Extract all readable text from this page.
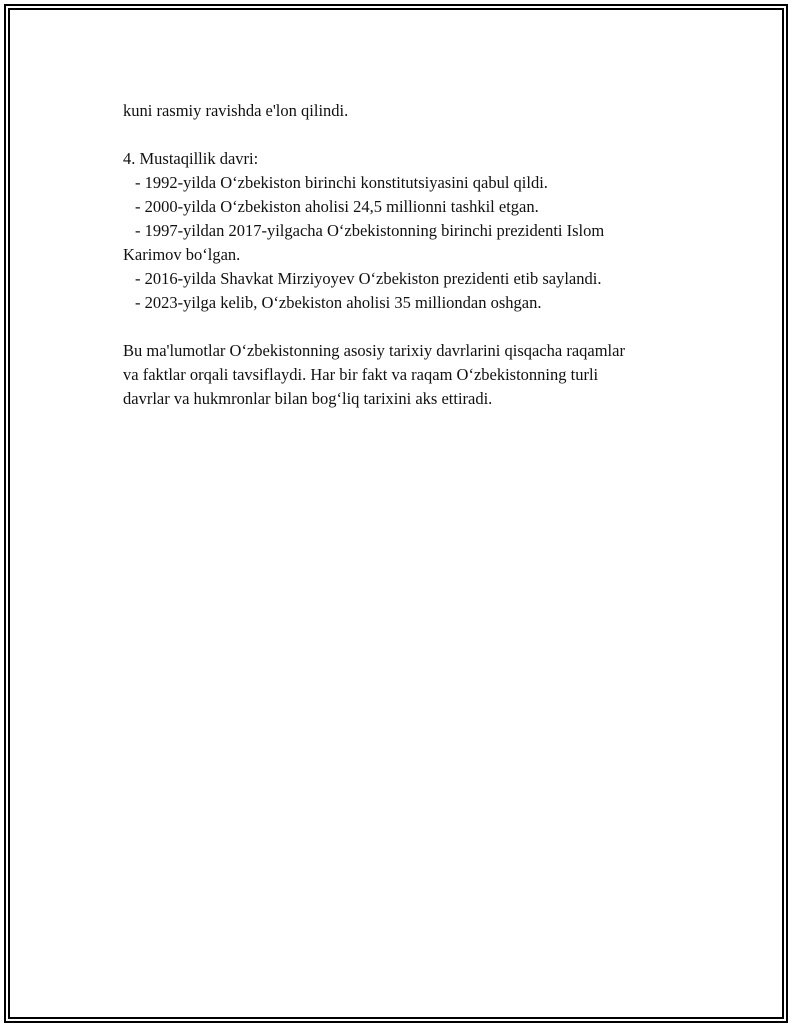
kuni rasmiy ravishda e'lon qilindi.

4. Mustaqillik davri:

- 1992-yilda O‘zbekiston birinchi konstitutsiyasini qabul qildi.

- 2000-yilda O‘zbekiston aholisi 24,5 millionni tashkil etgan.

- 1997-yildan 2017-yilgacha O‘zbekistonning birinchi prezidenti Islom
Karimov bo‘lgan.

- 2016-yilda Shavkat Mirziyoyev O‘zbekiston prezidenti etib saylandi.

- 2023-yilga kelib, O‘zbekiston aholisi 35 milliondan oshgan.

Bu ma'lumotlar O‘zbekistonning asosiy tarixiy davrlarini qisqacha raqamlar

va faktlar orqali tavsiflaydi. Har bir fakt va raqam O‘zbekistonning turli

davrlar va hukmronlar bilan bog‘liq tarixini aks ettiradi.
